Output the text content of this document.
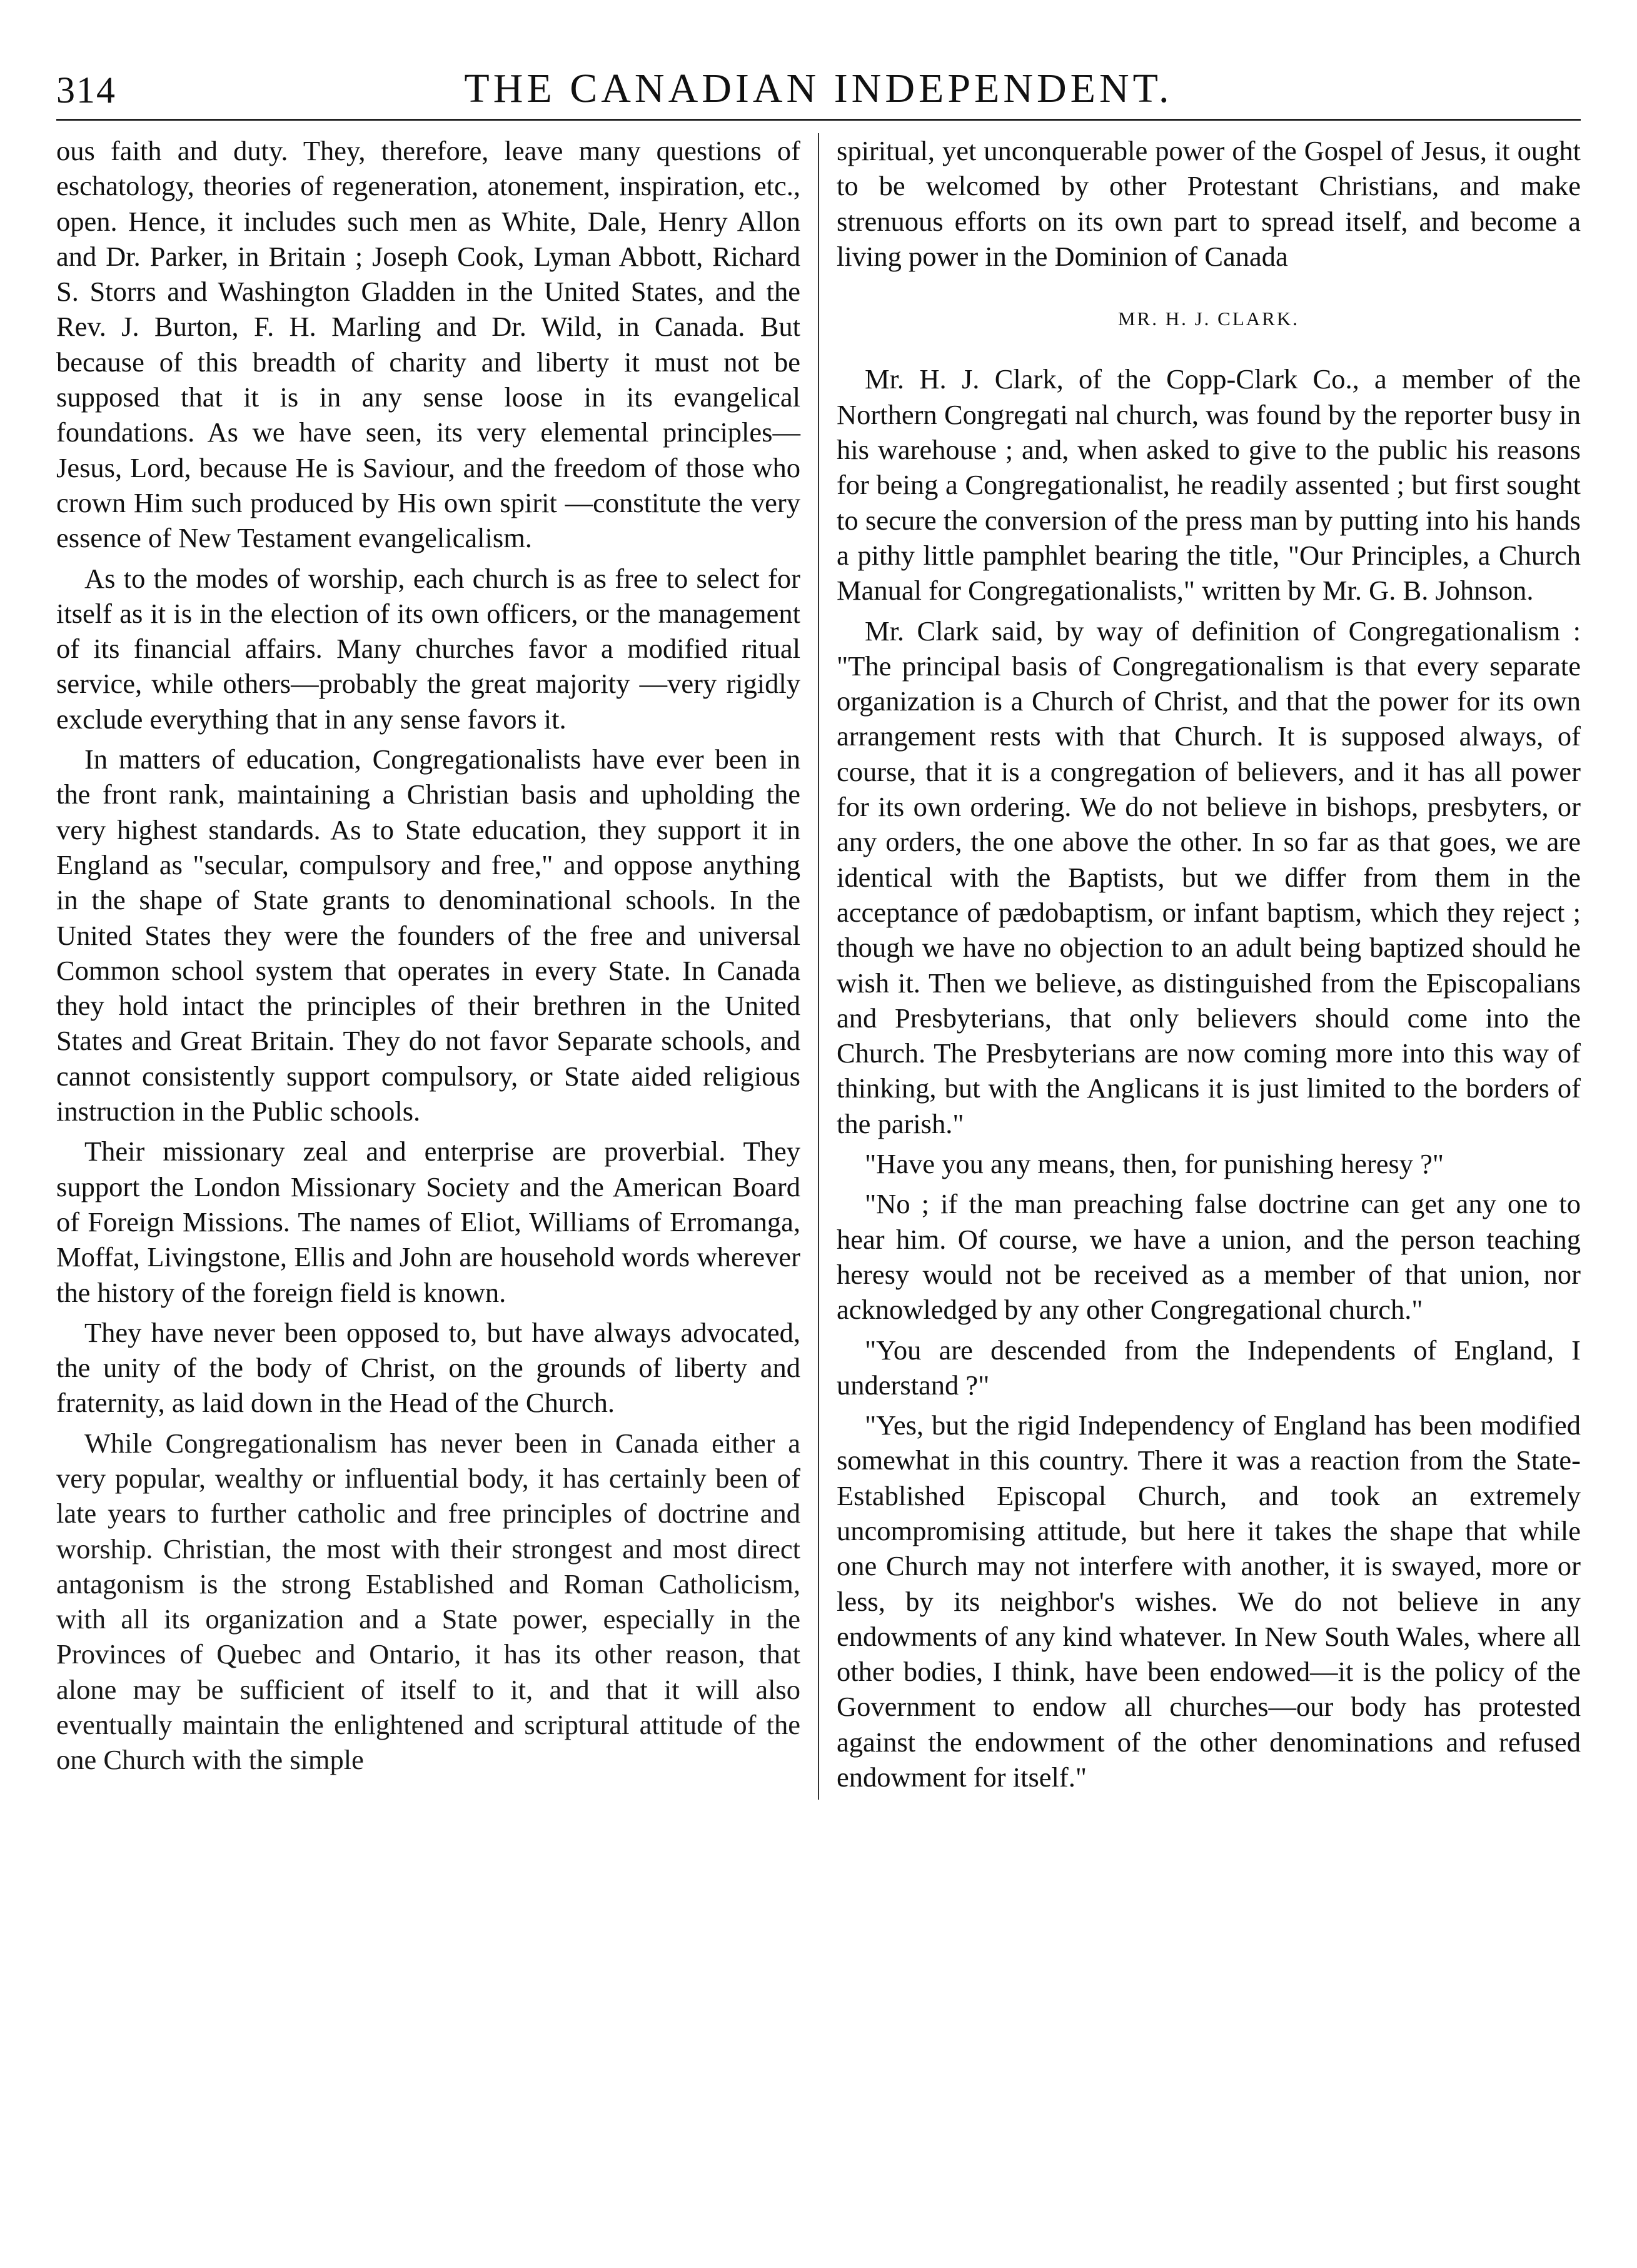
314	THE CANADIAN INDEPENDENT.

ous faith and duty. They, therefore, leave many questions of eschatology, theories of regeneration, atonement, inspiration, etc., open. Hence, it includes such men as White, Dale, Henry Allon and Dr. Parker, in Britain ; Joseph Cook, Lyman Abbott, Richard S. Storrs and Washington Gladden in the United States, and the Rev. J. Burton, F. H. Marling and Dr. Wild, in Canada. But because of this breadth of charity and liberty it must not be supposed that it is in any sense loose in its evangelical foundations. As we have seen, its very elemental principles—Jesus, Lord, because He is Saviour, and the freedom of those who crown Him such produced by His own spirit —constitute the very essence of New Testament evangelicalism.

As to the modes of worship, each church is as free to select for itself as it is in the election of its own officers, or the management of its financial affairs. Many churches favor a modified ritual service, while others—probably the great majority —very rigidly exclude everything that in any sense favors it.

In matters of education, Congregationalists have ever been in the front rank, maintaining a Christian basis and upholding the very highest standards. As to State education, they support it in England as "secular, compulsory and free," and oppose anything in the shape of State grants to denominational schools. In the United States they were the founders of the free and universal Common school system that operates in every State. In Canada they hold intact the principles of their brethren in the United States and Great Britain. They do not favor Separate schools, and cannot consistently support compulsory, or State aided religious instruction in the Public schools.

Their missionary zeal and enterprise are proverbial. They support the London Missionary Society and the American Board of Foreign Missions. The names of Eliot, Williams of Erromanga, Moffat, Livingstone, Ellis and John are household words wherever the history of the foreign field is known.

They have never been opposed to, but have always advocated, the unity of the body of Christ, on the grounds of liberty and fraternity, as laid down in the Head of the Church.

While Congregationalism has never been in Canada either a very popular, wealthy or influential body, it has certainly been of late years to further catholic and free principles of doctrine and worship. Christian, the most with their strongest and most direct antagonism is the strong Established and Roman Catholicism, with all its organization and a State power, especially in the Provinces of Quebec and Ontario, it has its other reason, that alone may be sufficient of itself to it, and that it will also eventually maintain the enlightened and scriptural attitude of the one Church with the simple

spiritual, yet unconquerable power of the Gospel of Jesus, it ought to be welcomed by other Protestant Christians, and make strenuous efforts on its own part to spread itself, and become a living power in the Dominion of Canada

MR. H. J. CLARK.

Mr. H. J. Clark, of the Copp-Clark Co., a member of the Northern Congregati nal church, was found by the reporter busy in his warehouse ; and, when asked to give to the public his reasons for being a Congregationalist, he readily assented ; but first sought to secure the conversion of the press man by putting into his hands a pithy little pamphlet bearing the title, "Our Principles, a Church Manual for Congregationalists," written by Mr. G. B. Johnson.

Mr. Clark said, by way of definition of Congregationalism : "The principal basis of Congregationalism is that every separate organization is a Church of Christ, and that the power for its own arrangement rests with that Church. It is supposed always, of course, that it is a congregation of believers, and it has all power for its own ordering. We do not believe in bishops, presbyters, or any orders, the one above the other. In so far as that goes, we are identical with the Baptists, but we differ from them in the acceptance of pædobaptism, or infant baptism, which they reject ; though we have no objection to an adult being baptized should he wish it. Then we believe, as distinguished from the Episcopalians and Presbyterians, that only believers should come into the Church. The Presbyterians are now coming more into this way of thinking, but with the Anglicans it is just limited to the borders of the parish."

"Have you any means, then, for punishing heresy ?"

"No ; if the man preaching false doctrine can get any one to hear him. Of course, we have a union, and the person teaching heresy would not be received as a member of that union, nor acknowledged by any other Congregational church."

"You are descended from the Independents of England, I understand ?"

"Yes, but the rigid Independency of England has been modified somewhat in this country. There it was a reaction from the State-Established Episcopal Church, and took an extremely uncompromising attitude, but here it takes the shape that while one Church may not interfere with another, it is swayed, more or less, by its neighbor's wishes. We do not believe in any endowments of any kind whatever. In New South Wales, where all other bodies, I think, have been endowed—it is the policy of the Government to endow all churches—our body has protested against the endowment of the other denominations and refused endowment for itself."
